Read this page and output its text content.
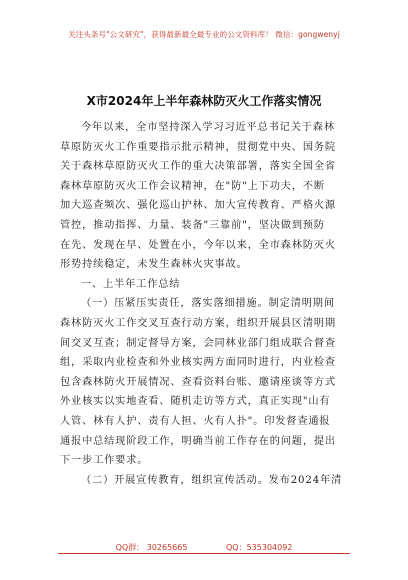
关注头条号"公文研究"，获得最新最全最专业的公文资料库！ 微信：gongwenyj
X市2024年上半年森林防灭火工作落实情况
今年以来，全市坚持深入学习习近平总书记关于森林
草原防灭火工作重要指示批示精神，贯彻党中央、国务院
关于森林草原防灭火工作的重大决策部署，落实全国全省
森林草原防灭火工作会议精神，在"防"上下功夫，不断
加大巡查频次、强化巡山护林、加大宣传教育、严格火源
管控，推动指挥、力量、装备"三靠前"，坚决做到预防
在先、发现在早、处置在小，今年以来，全市森林防灭火
形势持续稳定，未发生森林火灾事故。
一、上半年工作总结
（一）压紧压实责任，落实落细措施。制定清明期间
森林防灭火工作交叉互查行动方案，组织开展县区清明期
间交叉互查；制定督导方案，会同林业部门组成联合督查
组，采取内业检查和外业核实两方面同时进行，内业检查
包含森林防火开展情况、查看资料台账、邀请座谈等方式
外业核实以实地查看、随机走访等方式，真正实现"山有
人管、林有人护、责有人担、火有人扑"。印发督查通报
通报中总结现阶段工作，明确当前工作存在的问题，提出
下一步工作要求。
（二）开展宣传教育，组织宣传活动。发布2024年清
QQ群： 30265665	QQ：535304092
